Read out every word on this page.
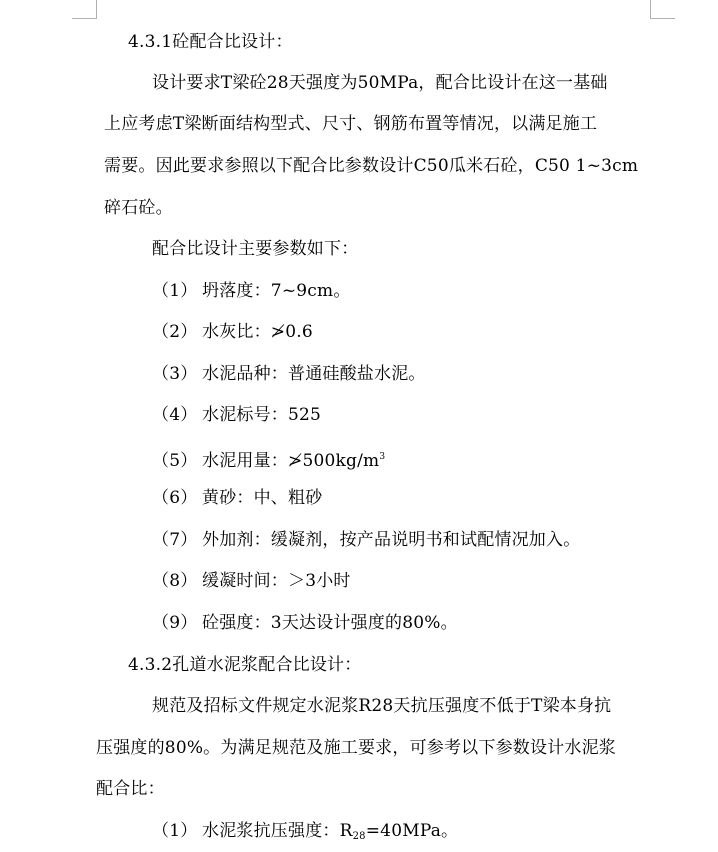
4.3.1砼配合比设计：
设计要求T梁砼28天强度为50MPa，配合比设计在这一基础
上应考虑T梁断面结构型式、尺寸、钢筋布置等情况，以满足施工
需要。因此要求参照以下配合比参数设计C50瓜米石砼，C50 1~3cm
碎石砼。
配合比设计主要参数如下：
（1） 坍落度：7~9cm。
（2） 水灰比：≯0.6
（3） 水泥品种：普通硅酸盐水泥。
（4） 水泥标号：525
（5） 水泥用量：$≯500kg/m^3$
（6） 黄砂：中、粗砂
（7） 外加剂：缓凝剂，按产品说明书和试配情况加入。
（8） 缓凝时间：＞3小时
（9） 砼强度：3天达设计强度的80%。
4.3.2孔道水泥浆配合比设计：
规范及招标文件规定水泥浆R28天抗压强度不低于T梁本身抗
压强度的80%。为满足规范及施工要求，可参考以下参数设计水泥浆
配合比：
（1） 水泥浆抗压强度：$R_{28}=40MPa$。
